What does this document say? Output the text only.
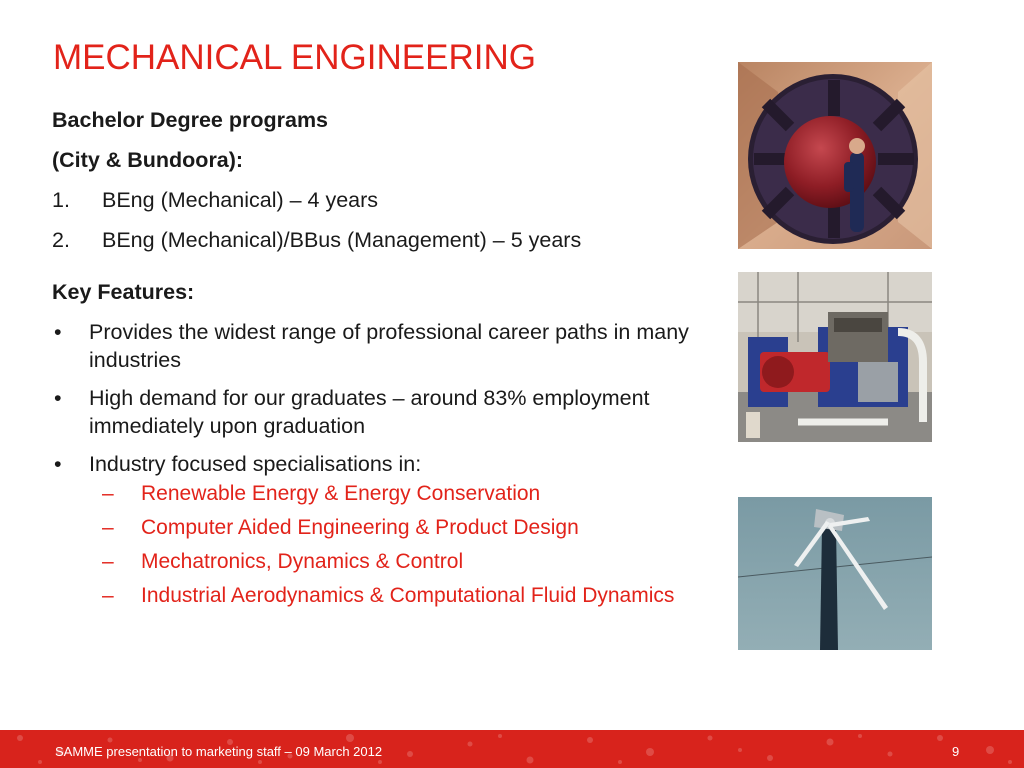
MECHANICAL ENGINEERING
Bachelor Degree programs
(City & Bundoora):
1. BEng (Mechanical) – 4 years
2. BEng (Mechanical)/BBus (Management) – 5 years
Key Features:
• Provides the widest range of professional career paths in many industries
• High demand for our graduates – around 83% employment immediately upon graduation
• Industry focused specialisations in:
– Renewable Energy & Energy Conservation
– Computer Aided Engineering & Product Design
– Mechatronics, Dynamics & Control
– Industrial Aerodynamics & Computational Fluid Dynamics
SAMME presentation to marketing staff – 09 March 2012	9
